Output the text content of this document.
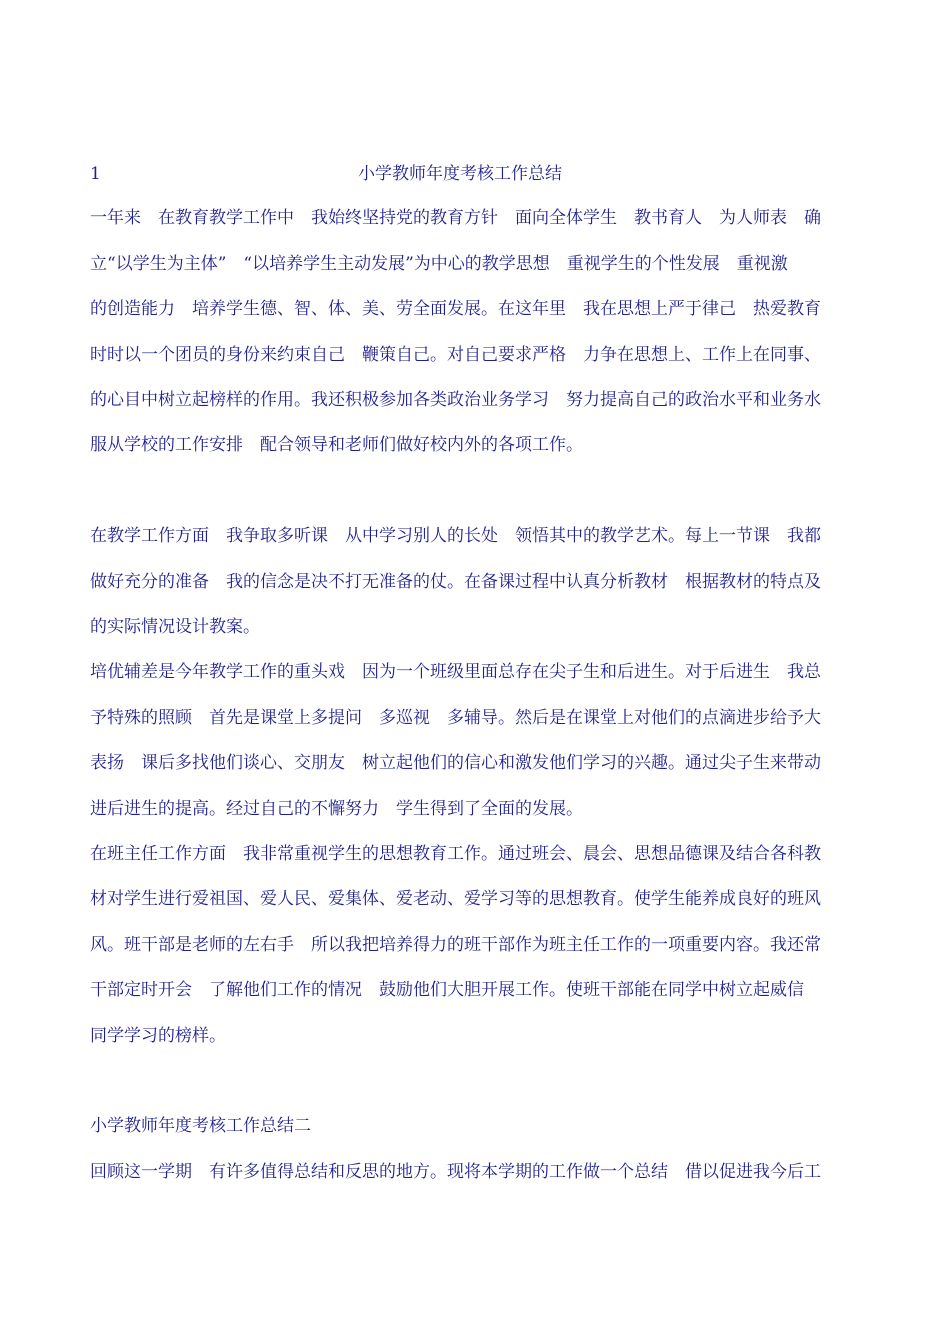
1	小学教师年度考核工作总结
一年来　在教育教学工作中　我始终坚持党的教育方针　面向全体学生　教书育人　为人师表　确
立“以学生为主体”　“以培养学生主动发展”为中心的教学思想　重视学生的个性发展　重视激
的创造能力　培养学生德、智、体、美、劳全面发展。在这年里　我在思想上严于律己　热爱教育
时时以一个团员的身份来约束自己　鞭策自己。对自己要求严格　力争在思想上、工作上在同事、
的心目中树立起榜样的作用。我还积极参加各类政治业务学习　努力提高自己的政治水平和业务水
服从学校的工作安排　配合领导和老师们做好校内外的各项工作。
在教学工作方面　我争取多听课　从中学习别人的长处　领悟其中的教学艺术。每上一节课　我都
做好充分的准备　我的信念是决不打无准备的仗。在备课过程中认真分析教材　根据教材的特点及
的实际情况设计教案。
培优辅差是今年教学工作的重头戏　因为一个班级里面总存在尖子生和后进生。对于后进生　我总
予特殊的照顾　首先是课堂上多提问　多巡视　多辅导。然后是在课堂上对他们的点滴进步给予大
表扬　课后多找他们谈心、交朋友　树立起他们的信心和激发他们学习的兴趣。通过尖子生来带动
进后进生的提高。经过自己的不懈努力　学生得到了全面的发展。
在班主任工作方面　我非常重视学生的思想教育工作。通过班会、晨会、思想品德课及结合各科教
材对学生进行爱祖国、爱人民、爱集体、爱老动、爱学习等的思想教育。使学生能养成良好的班风
风。班干部是老师的左右手　所以我把培养得力的班干部作为班主任工作的一项重要内容。我还常
干部定时开会　了解他们工作的情况　鼓励他们大胆开展工作。使班干部能在同学中树立起威信　
同学学习的榜样。
小学教师年度考核工作总结二
回顾这一学期　有许多值得总结和反思的地方。现将本学期的工作做一个总结　借以促进我今后工
